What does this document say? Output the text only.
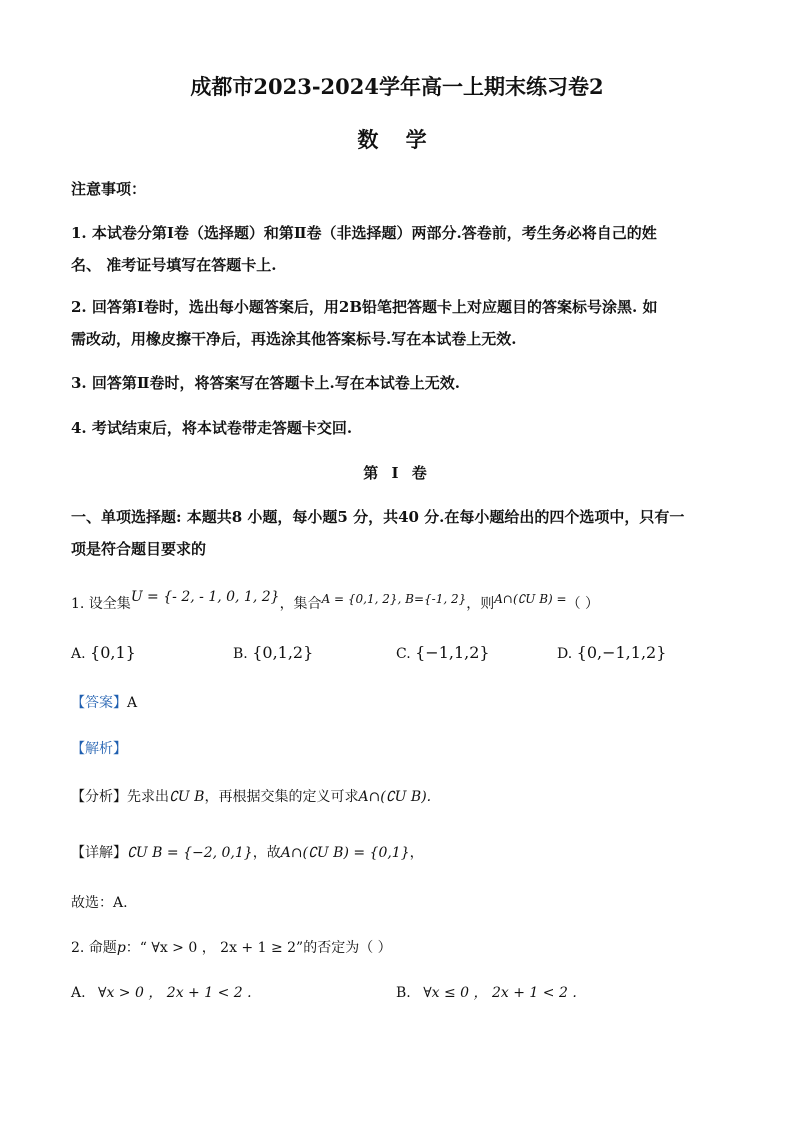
成都市2023-2024学年高一上期末练习卷2
数 学
注意事项：
1. 本试卷分第Ⅰ卷（选择题）和第Ⅱ卷（非选择题）两部分.答卷前，考生务必将自己的姓
名、 准考证号填写在答题卡上.
2. 回答第Ⅰ卷时，选出每小题答案后，用2B铅笔把答题卡上对应题目的答案标号涂黑. 如
需改动，用橡皮擦干净后，再选涂其他答案标号.写在本试卷上无效.
3. 回答第Ⅱ卷时，将答案写在答题卡上.写在本试卷上无效.
4. 考试结束后，将本试卷带走答题卡交回.
第 Ⅰ 卷
一、单项选择题: 本题共8 小题，每小题5 分，共40 分.在每小题给出的四个选项中，只有一
项是符合题目要求的
1. 设全集U = {- 2, - 1, 0, 1, 2}，集合A = {0,1, 2}, B={-1, 2}，则A∩(∁U B) =（ ）
A. {0,1}	B. {0,1,2}	C. {−1,1,2}	D. {0,−1,1,2}
【答案】A
【解析】
【分析】先求出∁U B，再根据交集的定义可求A∩(∁U B).
【详解】∁U B = {−2, 0,1}，故A∩(∁U B) = {0,1}，
故选：A.
2. 命题p：“ ∀x > 0 ， 2x + 1 ≥ 2”的否定为（ ）
A. ∀x > 0 ， 2x + 1 < 2 .	B. ∀x ≤ 0 ， 2x + 1 < 2 .
